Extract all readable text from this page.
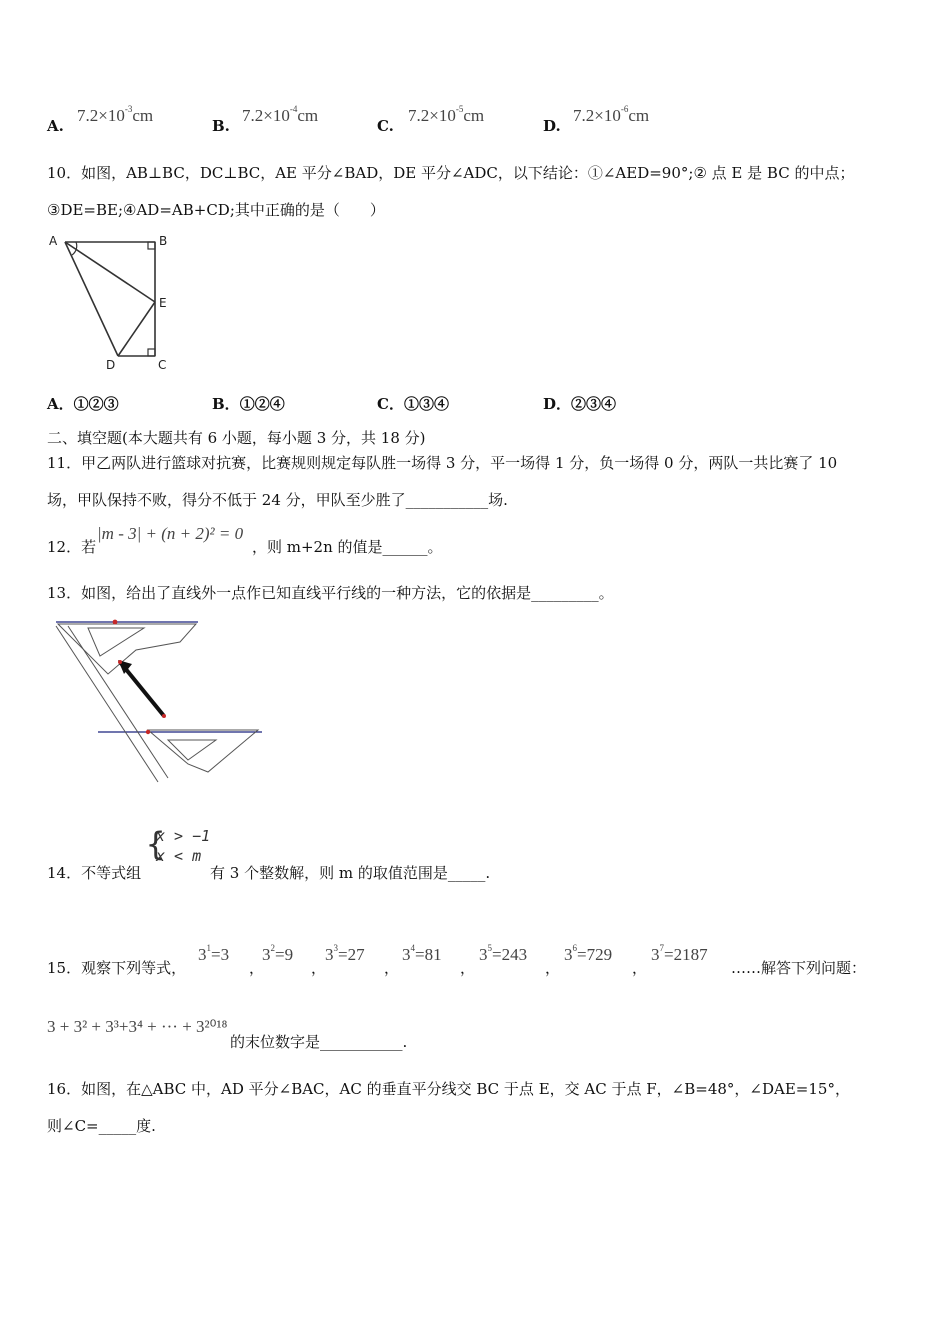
A.
$7.2\times 10^{-3}cm$
B.
$7.2\times 10^{-4}cm$
C.
$7.2\times 10^{-5}cm$
D.
$7.2\times 10^{-6}cm$
10．如图，AB⊥BC，DC⊥BC，AE 平分∠BAD，DE 平分∠ADC，以下结论：①∠AED=90°;② 点 E 是 BC 的中点；
③DE=BE;④AD=AB+CD;其中正确的是（　　）
A	B
E
D	C
A．①②③	B．①②④	C．①③④	D．②③④
二、填空题(本大题共有 6 小题，每小题 3 分，共 18 分)
11．甲乙两队进行篮球对抗赛，比赛规则规定每队胜一场得 3 分，平一场得 1 分，负一场得 0 分，两队一共比赛了 10
场，甲队保持不败，得分不低于 24 分，甲队至少胜了___________场.
12．若
|m - 3| + (n + 2)² = 0
，则 m+2n 的值是______。
13．如图，给出了直线外一点作已知直线平行线的一种方法，它的依据是_________。
{
x > −1
x < m
14．不等式组	有 3 个整数解，则 m 的取值范围是_____.
15．观察下列等式，
$3^1=3$
，
$3^2=9$
，
$3^3=27$
，
$3^4=81$
，
$3^5=243$
，
$3^6=729$
，
$3^7=2187$
……解答下列问题：
3 + 3² + 3³+3⁴ + ··· + 3²⁰¹⁸
的末位数字是___________.
16．如图，在△ABC 中，AD 平分∠BAC，AC 的垂直平分线交 BC 于点 E，交 AC 于点 F，∠B=48°，∠DAE=15°，
则∠C=_____度.
